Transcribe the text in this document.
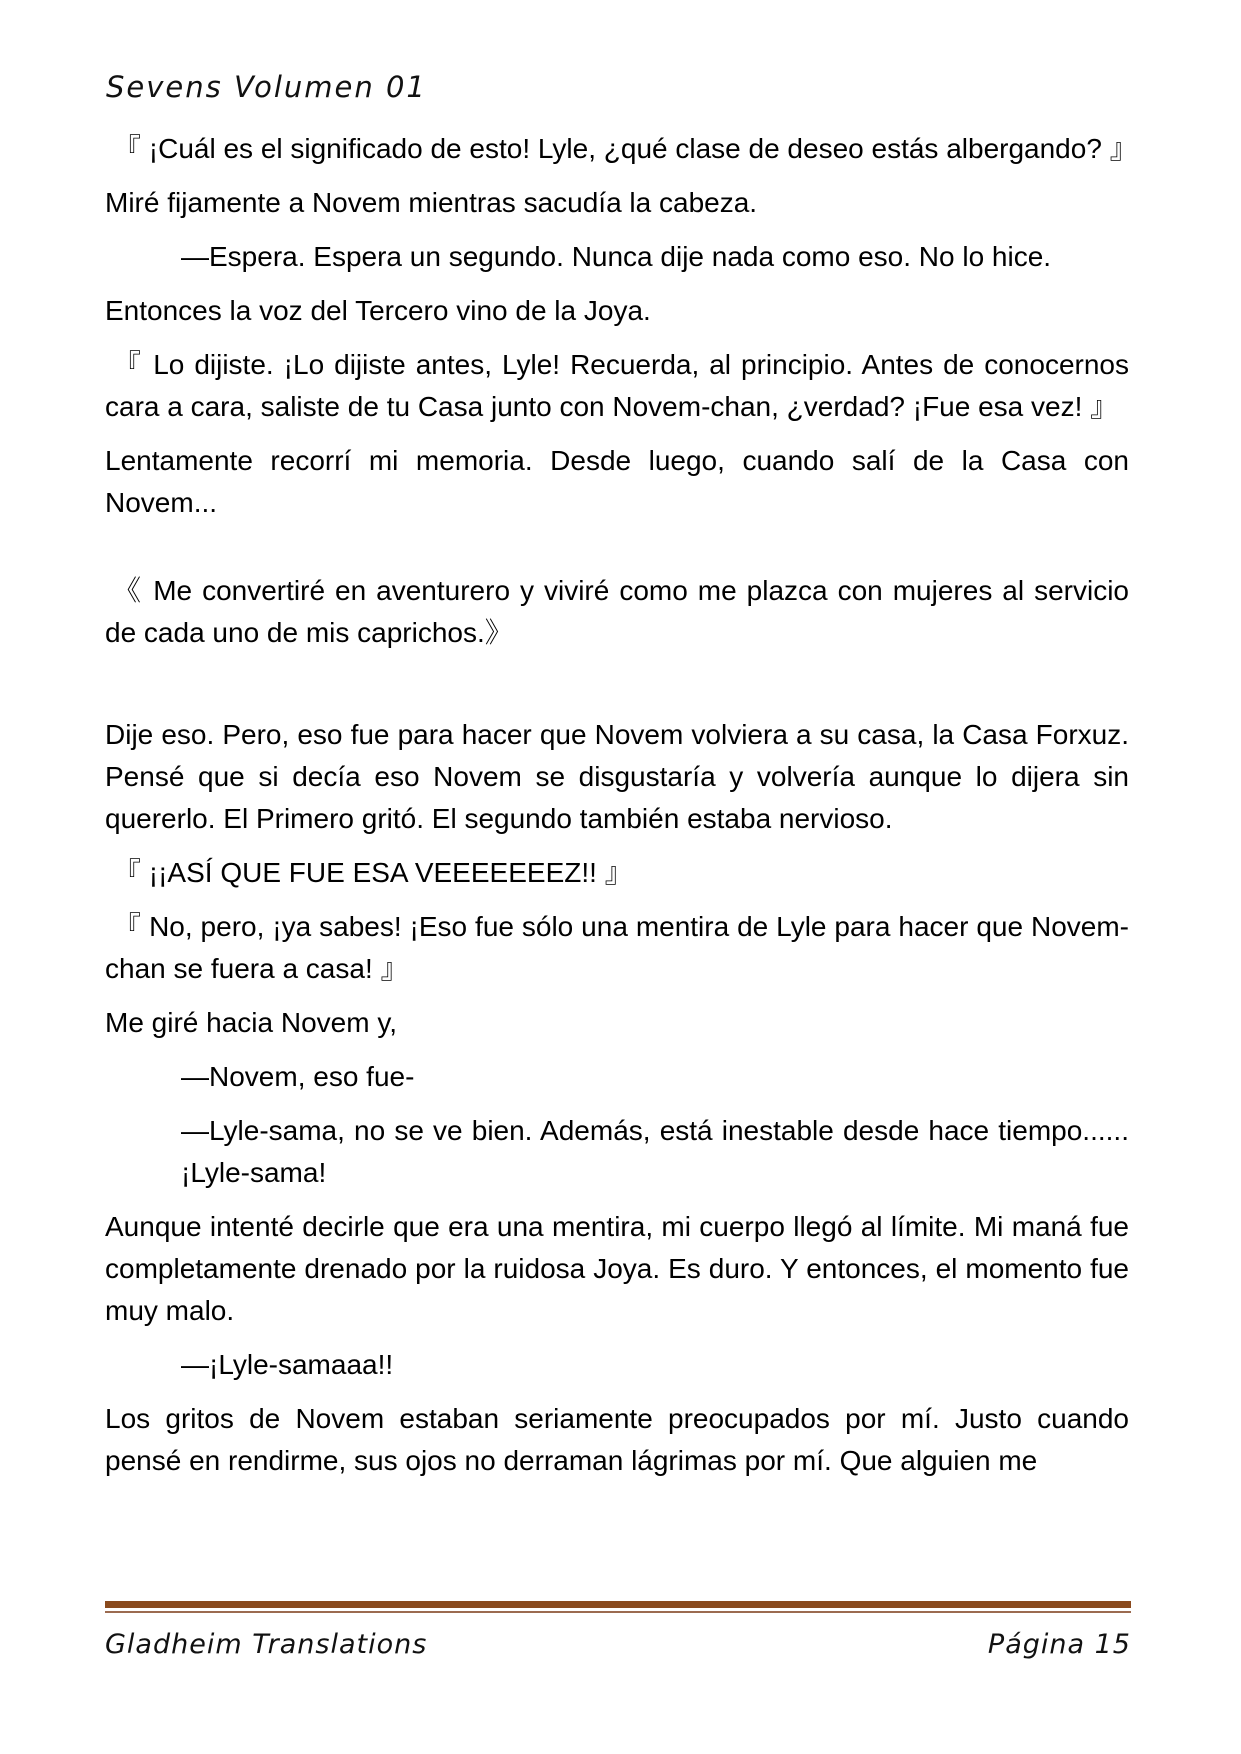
Sevens Volumen 01
『 ¡Cuál es el significado de esto! Lyle, ¿qué clase de deseo estás albergando? 』
Miré fijamente a Novem mientras sacudía la cabeza.
—Espera. Espera un segundo. Nunca dije nada como eso. No lo hice.
Entonces la voz del Tercero vino de la Joya.
『 Lo dijiste. ¡Lo dijiste antes, Lyle! Recuerda, al principio. Antes de conocernos cara a cara, saliste de tu Casa junto con Novem-chan, ¿verdad? ¡Fue esa vez! 』
Lentamente recorrí mi memoria. Desde luego, cuando salí de la Casa con Novem...
《 Me convertiré en aventurero y viviré como me plazca con mujeres al servicio de cada uno de mis caprichos.》
Dije eso. Pero, eso fue para hacer que Novem volviera a su casa, la Casa Forxuz. Pensé que si decía eso Novem se disgustaría y volvería aunque lo dijera sin quererlo. El Primero gritó. El segundo también estaba nervioso.
『 ¡¡ASÍ QUE FUE ESA VEEEEEEEZ!! 』
『 No, pero, ¡ya sabes! ¡Eso fue sólo una mentira de Lyle para hacer que Novem-chan se fuera a casa! 』
Me giré hacia Novem y,
—Novem, eso fue-
—Lyle-sama, no se ve bien. Además, está inestable desde hace tiempo......¡Lyle-sama!
Aunque intenté decirle que era una mentira, mi cuerpo llegó al límite. Mi maná fue completamente drenado por la ruidosa Joya. Es duro. Y entonces, el momento fue muy malo.
—¡Lyle-samaaa!!
Los gritos de Novem estaban seriamente preocupados por mí. Justo cuando pensé en rendirme, sus ojos no derraman lágrimas por mí. Que alguien me
Gladheim Translations	Página 15
